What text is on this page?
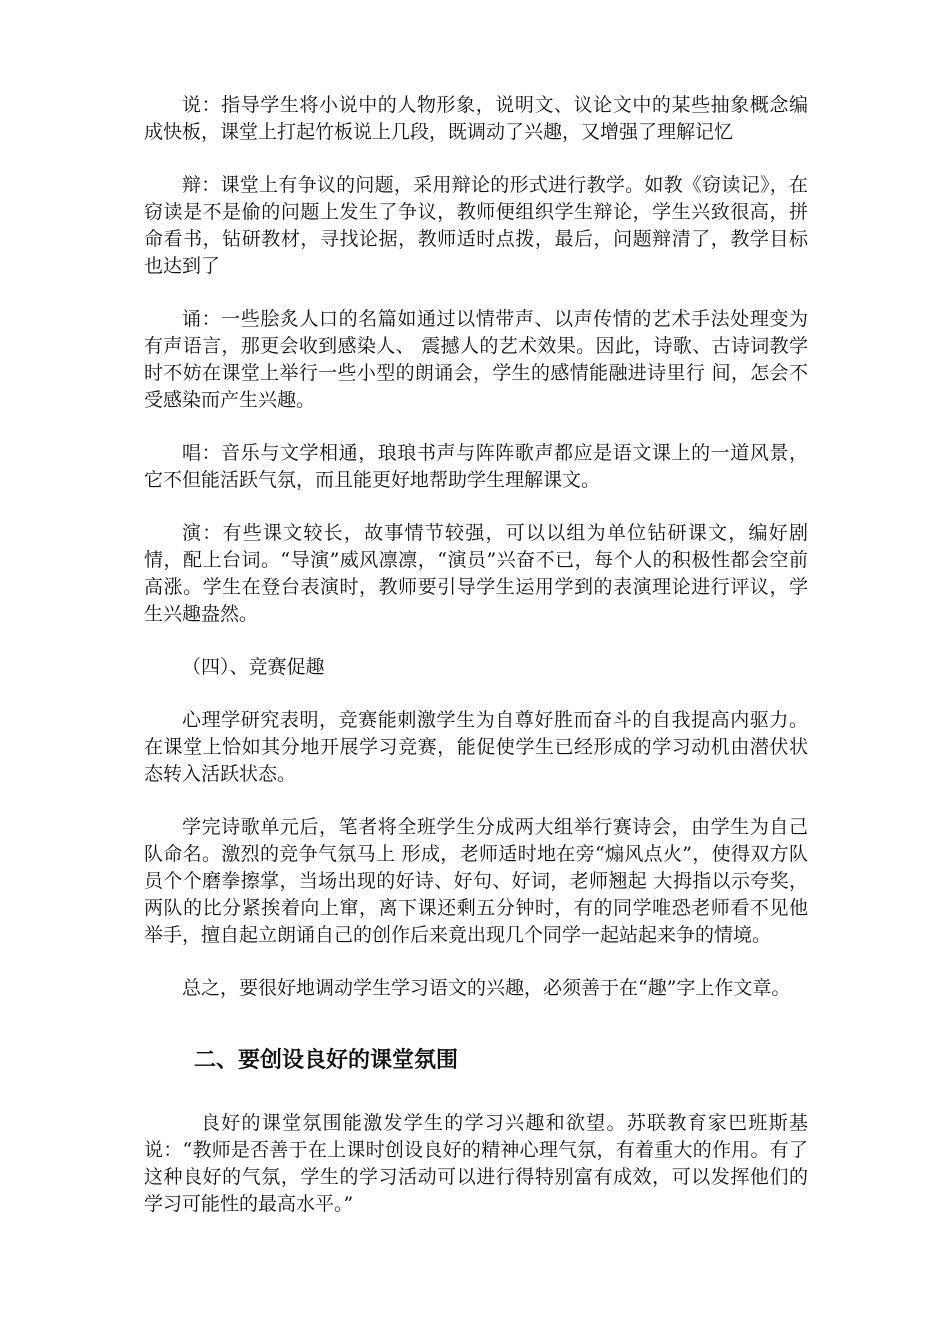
说：指导学生将小说中的人物形象，说明文、议论文中的某些抽象概念编成快板，课堂上打起竹板说上几段，既调动了兴趣，又增强了理解记忆

辩：课堂上有争议的问题，采用辩论的形式进行教学。如教《窃读记》，在窃读是不是偷的问题上发生了争议，教师便组织学生辩论，学生兴致很高，拼命看书，钻研教材，寻找论据，教师适时点拨，最后，问题辩清了，教学目标也达到了

诵：一些脍炙人口的名篇如通过以情带声、以声传情的艺术手法处理变为有声语言，那更会收到感染人、 震撼人的艺术效果。因此，诗歌、古诗词教学时不妨在课堂上举行一些小型的朗诵会，学生的感情能融进诗里行 间，怎会不受感染而产生兴趣。

唱：音乐与文学相通，琅琅书声与阵阵歌声都应是语文课上的一道风景，它不但能活跃气氛，而且能更好地帮助学生理解课文。

演：有些课文较长，故事情节较强，可以以组为单位钻研课文，编好剧情，配上台词。“导演”威风凛凛，“演员”兴奋不已，每个人的积极性都会空前高涨。学生在登台表演时，教师要引导学生运用学到的表演理论进行评议，学生兴趣盎然。

（四）、竞赛促趣

心理学研究表明，竞赛能刺激学生为自尊好胜而奋斗的自我提高内驱力。在课堂上恰如其分地开展学习竞赛，能促使学生已经形成的学习动机由潜伏状态转入活跃状态。

学完诗歌单元后，笔者将全班学生分成两大组举行赛诗会，由学生为自己队命名。激烈的竞争气氛马上 形成，老师适时地在旁“煽风点火”，使得双方队员个个磨拳擦掌，当场出现的好诗、好句、好词，老师翘起 大拇指以示夸奖，两队的比分紧挨着向上窜，离下课还剩五分钟时，有的同学唯恐老师看不见他举手，擅自起立朗诵自己的创作后来竟出现几个同学一起站起来争的情境。

总之，要很好地调动学生学习语文的兴趣，必须善于在“趣”字上作文章。

二、要创设良好的课堂氛围

良好的课堂氛围能激发学生的学习兴趣和欲望。苏联教育家巴班斯基说：“教师是否善于在上课时创设良好的精神心理气氛，有着重大的作用。有了这种良好的气氛，学生的学习活动可以进行得特别富有成效，可以发挥他们的学习可能性的最高水平。”
